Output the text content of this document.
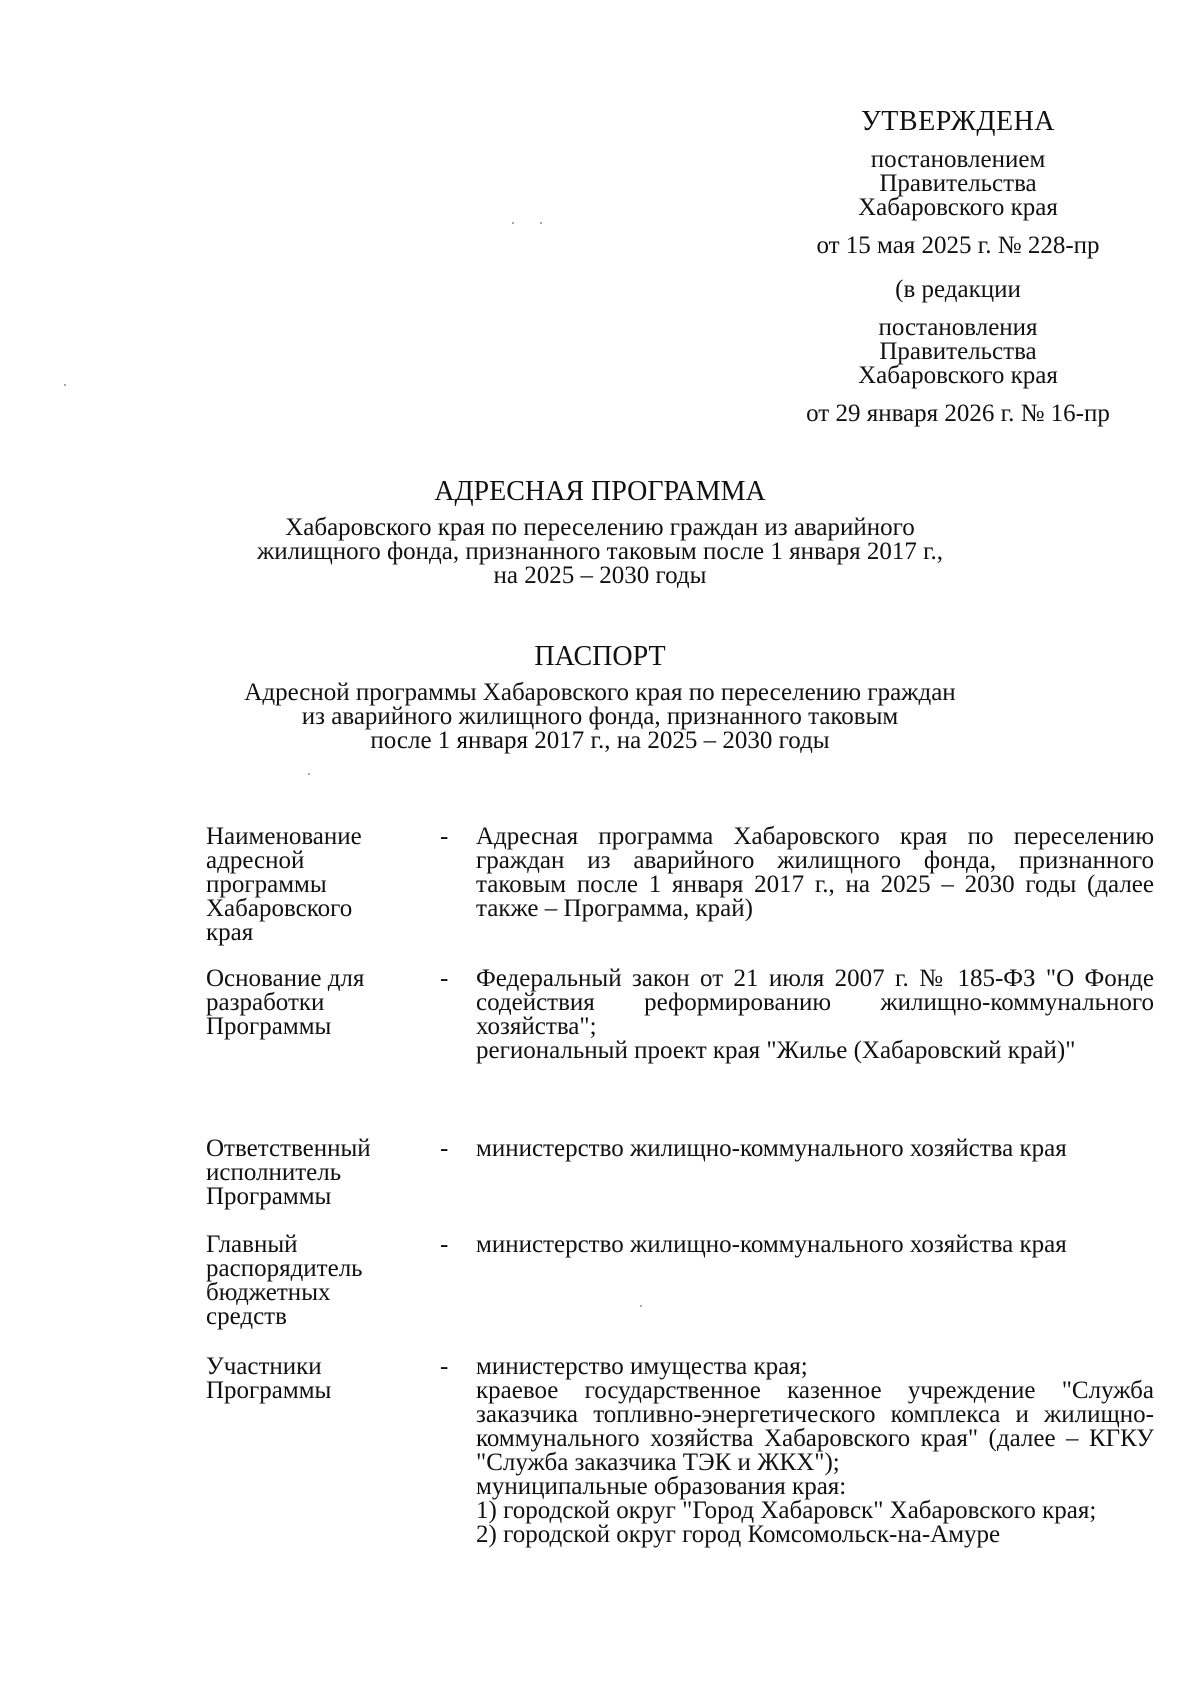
УТВЕРЖДЕНА
постановлением
Правительства
Хабаровского края
от 15 мая 2025 г. № 228-пр
(в редакции
постановления
Правительства
Хабаровского края
от 29 января 2026 г. № 16-пр
АДРЕСНАЯ ПРОГРАММА
Хабаровского края по переселению граждан из аварийного
жилищного фонда, признанного таковым после 1 января 2017 г.,
на 2025 – 2030 годы
ПАСПОРТ
Адресной программы Хабаровского края по переселению граждан
из аварийного жилищного фонда, признанного таковым
после 1 января 2017 г., на 2025 – 2030 годы
Наименование
адресной
программы
Хабаровского
края
-	Адресная программа Хабаровского края по переселению граждан из аварийного жилищного фонда, признанного таковым после 1 января 2017 г., на 2025 – 2030 годы (далее также – Программа, край)

Основание для
разработки
Программы
-	Федеральный закон от 21 июля 2007 г. № 185-ФЗ "О Фонде содействия реформированию жилищно-коммунального хозяйства";

региональный проект края "Жилье (Хабаровский край)"

Ответственный
исполнитель
Программы
-	министерство жилищно-коммунального хозяйства края

Главный
распорядитель
бюджетных
средств
-	министерство жилищно-коммунального хозяйства края

Участники
Программы
-	министерство имущества края;

краевое государственное казенное учреждение "Служба заказчика топливно-энергетического комплекса и жилищно-коммунального хозяйства Хабаровского края" (далее – КГКУ "Служба заказчика ТЭК и ЖКХ");

муниципальные образования края:

1) городской округ "Город Хабаровск" Хабаровского края;

2) городской округ город Комсомольск-на-Амуре
